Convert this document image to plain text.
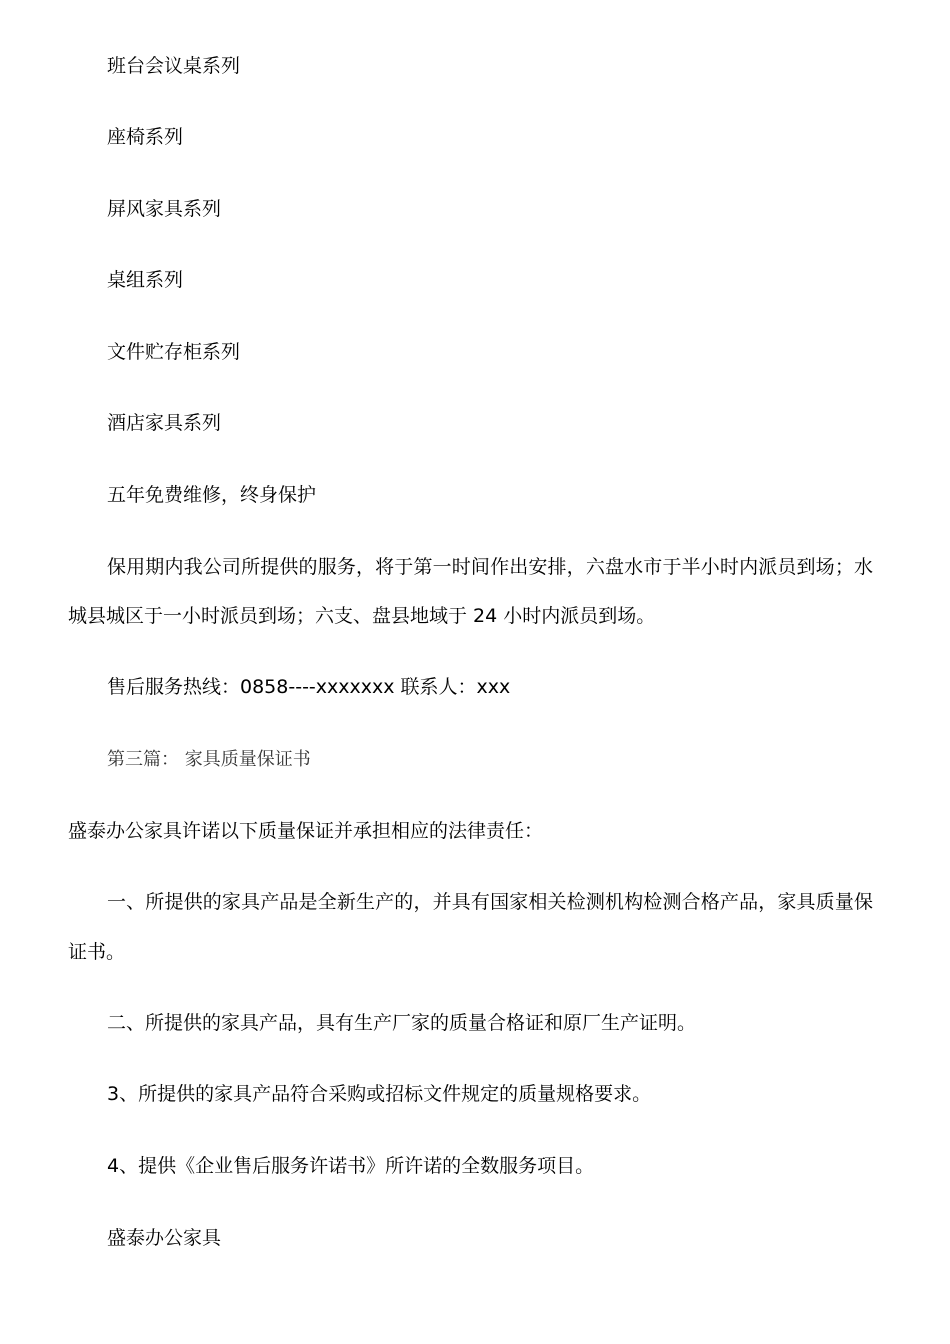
班台会议桌系列

座椅系列

屏风家具系列

桌组系列

文件贮存柜系列

酒店家具系列

五年免费维修，终身保护

保用期内我公司所提供的服务，将于第一时间作出安排，六盘水市于半小时内派员到场；水

城县城区于一小时派员到场；六支、盘县地域于 24 小时内派员到场。

售后服务热线：0858----xxxxxxx 联系人：xxx

第三篇： 家具质量保证书

盛泰办公家具许诺以下质量保证并承担相应的法律责任：

一、所提供的家具产品是全新生产的，并具有国家相关检测机构检测合格产品，家具质量保

证书。

二、所提供的家具产品，具有生产厂家的质量合格证和原厂生产证明。

3、所提供的家具产品符合采购或招标文件规定的质量规格要求。

4、提供《企业售后服务许诺书》所许诺的全数服务项目。

盛泰办公家具
